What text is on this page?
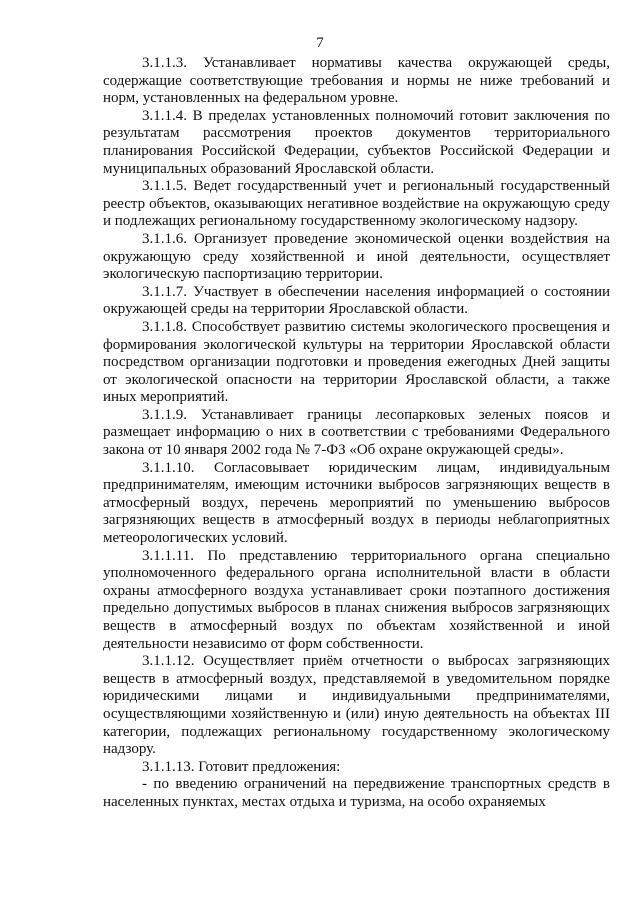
7

3.1.1.3. Устанавливает нормативы качества окружающей среды, содержащие соответствующие требования и нормы не ниже требований и норм, установленных на федеральном уровне.

3.1.1.4. В пределах установленных полномочий готовит заключения по результатам рассмотрения проектов документов территориального планирования Российской Федерации, субъектов Российской Федерации и муниципальных образований Ярославской области.

3.1.1.5. Ведет государственный учет и региональный государственный реестр объектов, оказывающих негативное воздействие на окружающую среду и подлежащих региональному государственному экологическому надзору.

3.1.1.6. Организует проведение экономической оценки воздействия на окружающую среду хозяйственной и иной деятельности, осуществляет экологическую паспортизацию территории.

3.1.1.7. Участвует в обеспечении населения информацией о состоянии окружающей среды на территории Ярославской области.

3.1.1.8. Способствует развитию системы экологического просвещения и формирования экологической культуры на территории Ярославской области посредством организации подготовки и проведения ежегодных Дней защиты от экологической опасности на территории Ярославской области, а также иных мероприятий.

3.1.1.9. Устанавливает границы лесопарковых зеленых поясов и размещает информацию о них в соответствии с требованиями Федерального закона от 10 января 2002 года № 7-ФЗ «Об охране окружающей среды».

3.1.1.10. Согласовывает юридическим лицам, индивидуальным предпринимателям, имеющим источники выбросов загрязняющих веществ в атмосферный воздух, перечень мероприятий по уменьшению выбросов загрязняющих веществ в атмосферный воздух в периоды неблагоприятных метеорологических условий.

3.1.1.11. По представлению территориального органа специально уполномоченного федерального органа исполнительной власти в области охраны атмосферного воздуха устанавливает сроки поэтапного достижения предельно допустимых выбросов в планах снижения выбросов загрязняющих веществ в атмосферный воздух по объектам хозяйственной и иной деятельности независимо от форм собственности.

3.1.1.12. Осуществляет приём отчетности о выбросах загрязняющих веществ в атмосферный воздух, представляемой в уведомительном порядке юридическими лицами и индивидуальными предпринимателями, осуществляющими хозяйственную и (или) иную деятельность на объектах III категории, подлежащих региональному государственному экологическому надзору.

3.1.1.13. Готовит предложения:

- по введению ограничений на передвижение транспортных средств в населенных пунктах, местах отдыха и туризма, на особо охраняемых
